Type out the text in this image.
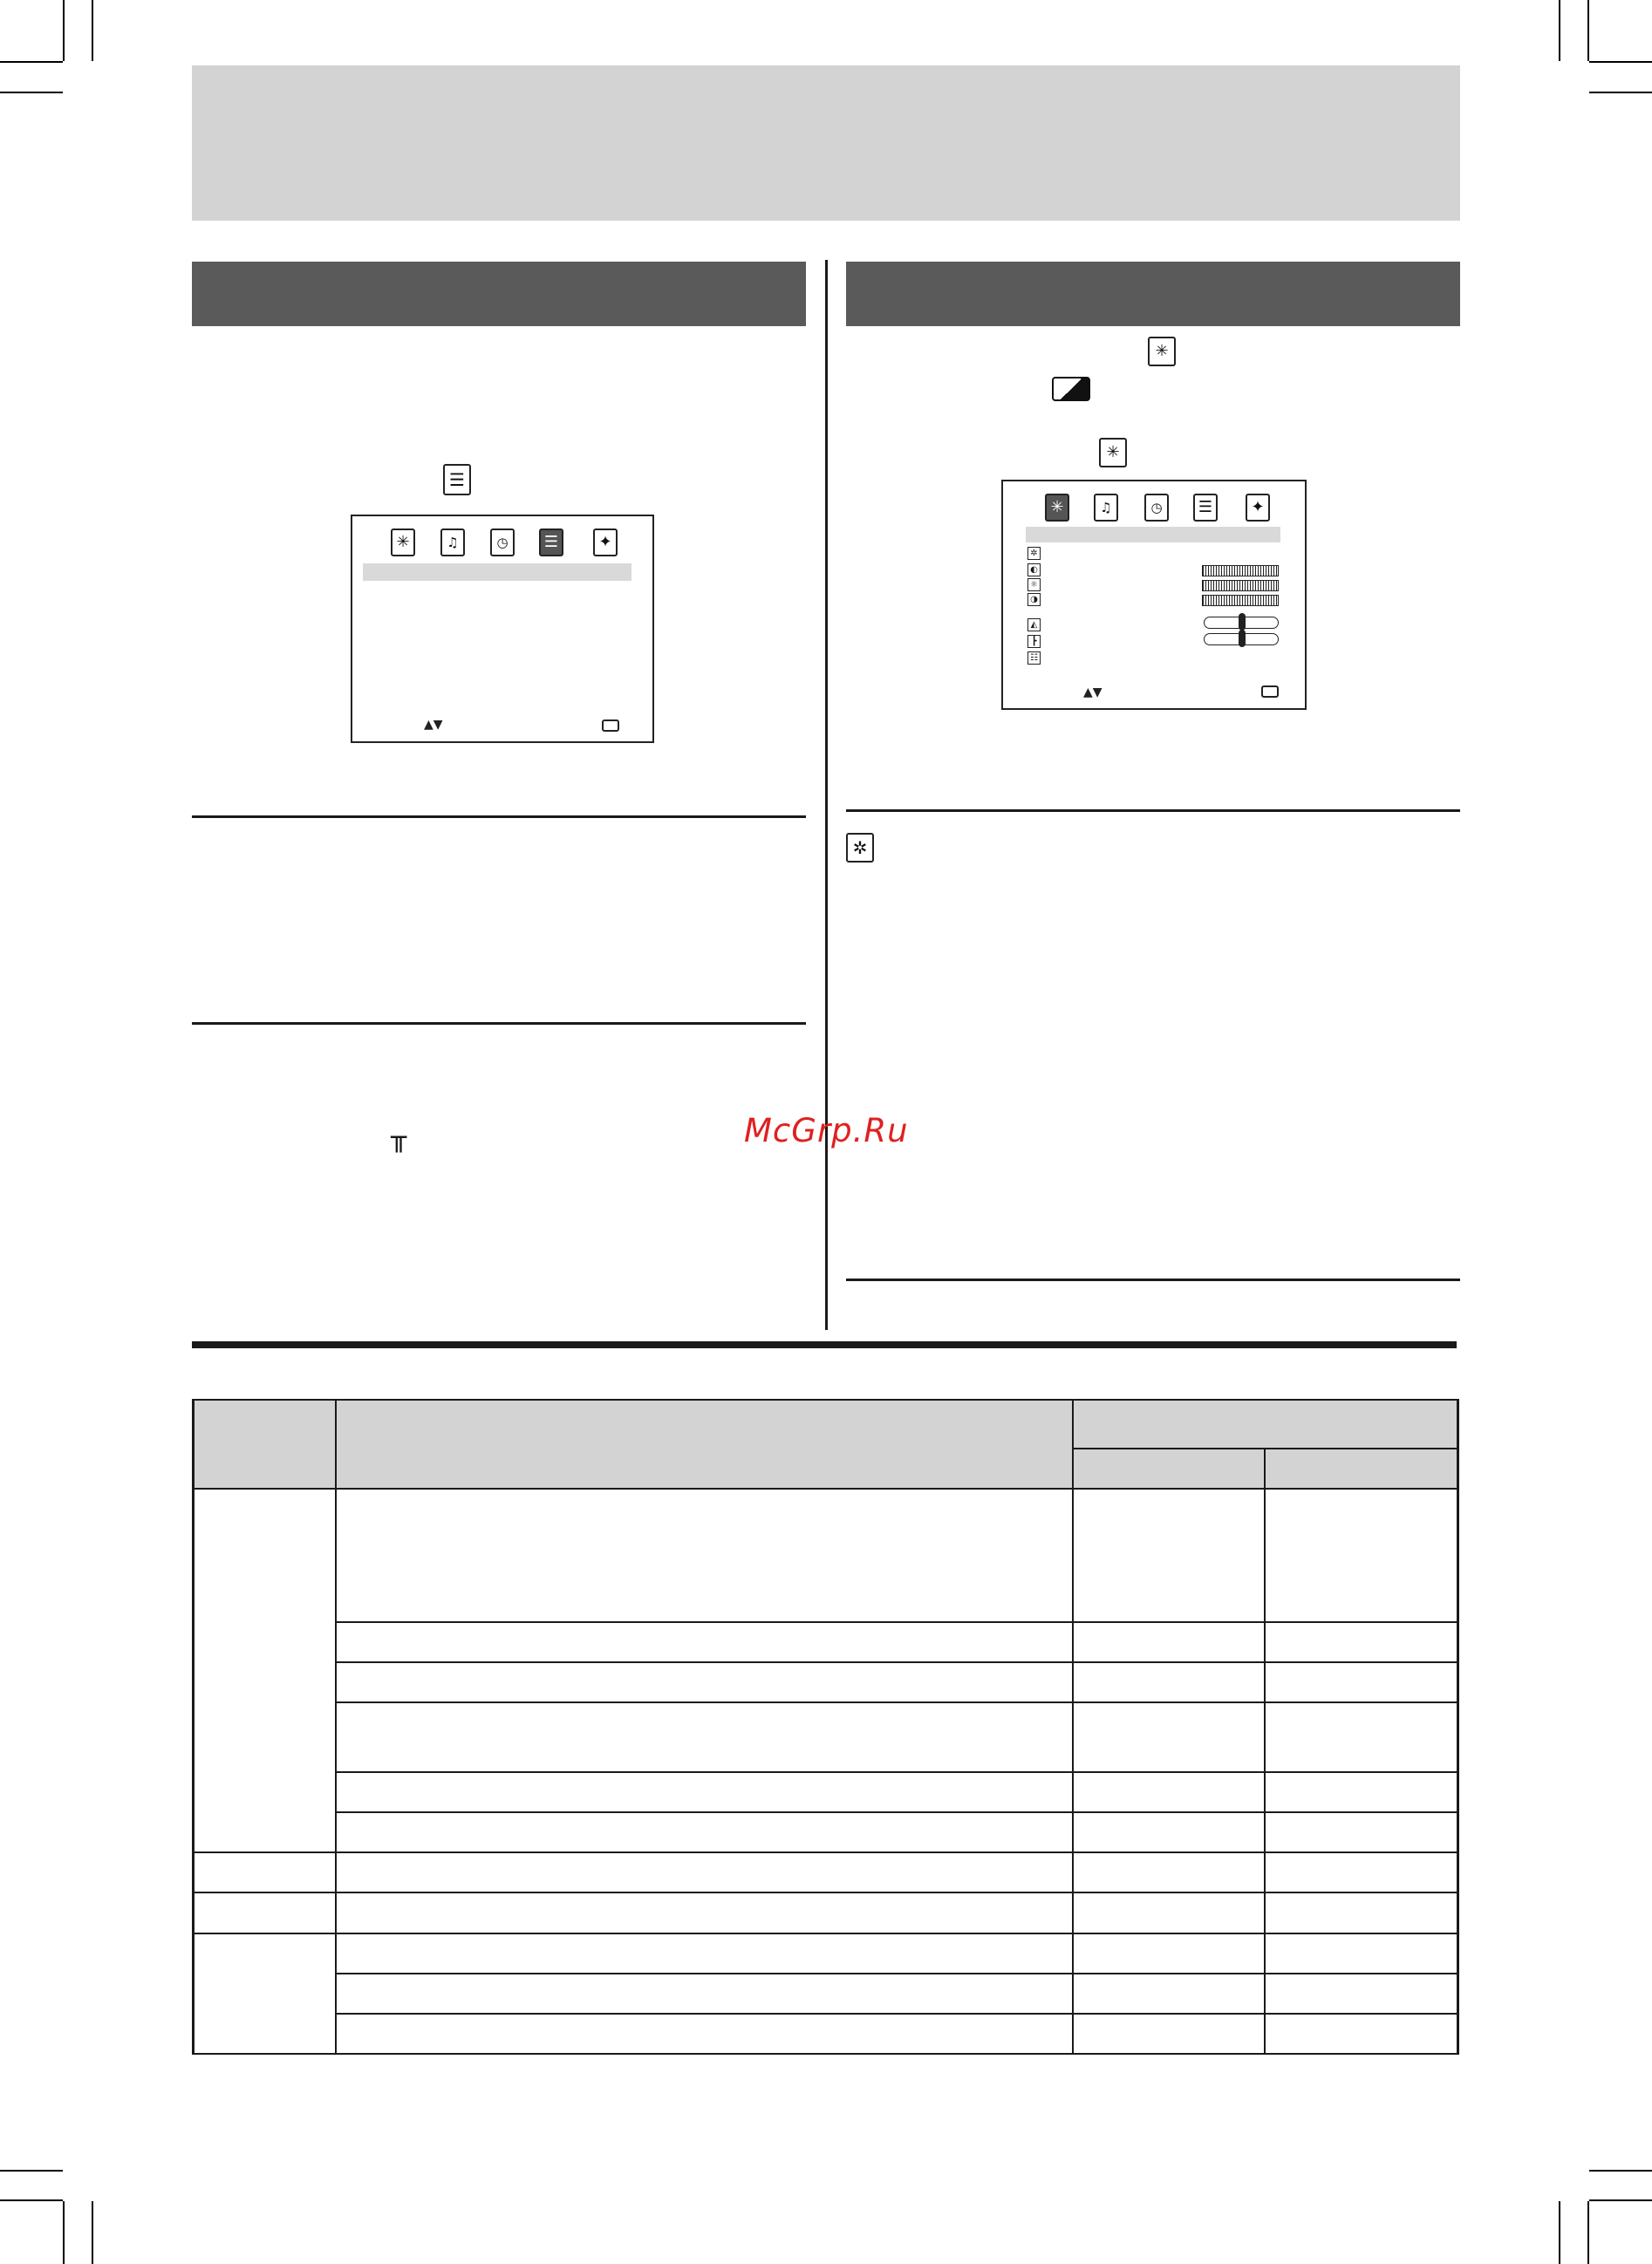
☰
✳	♫	◷	☰	✦
▲▼
╥
✳
✳
✳	♫	◷	☰	✦
✲
◐
☼
◑
◭
┣
☷
▲▼
✲
McGrp.Ru
